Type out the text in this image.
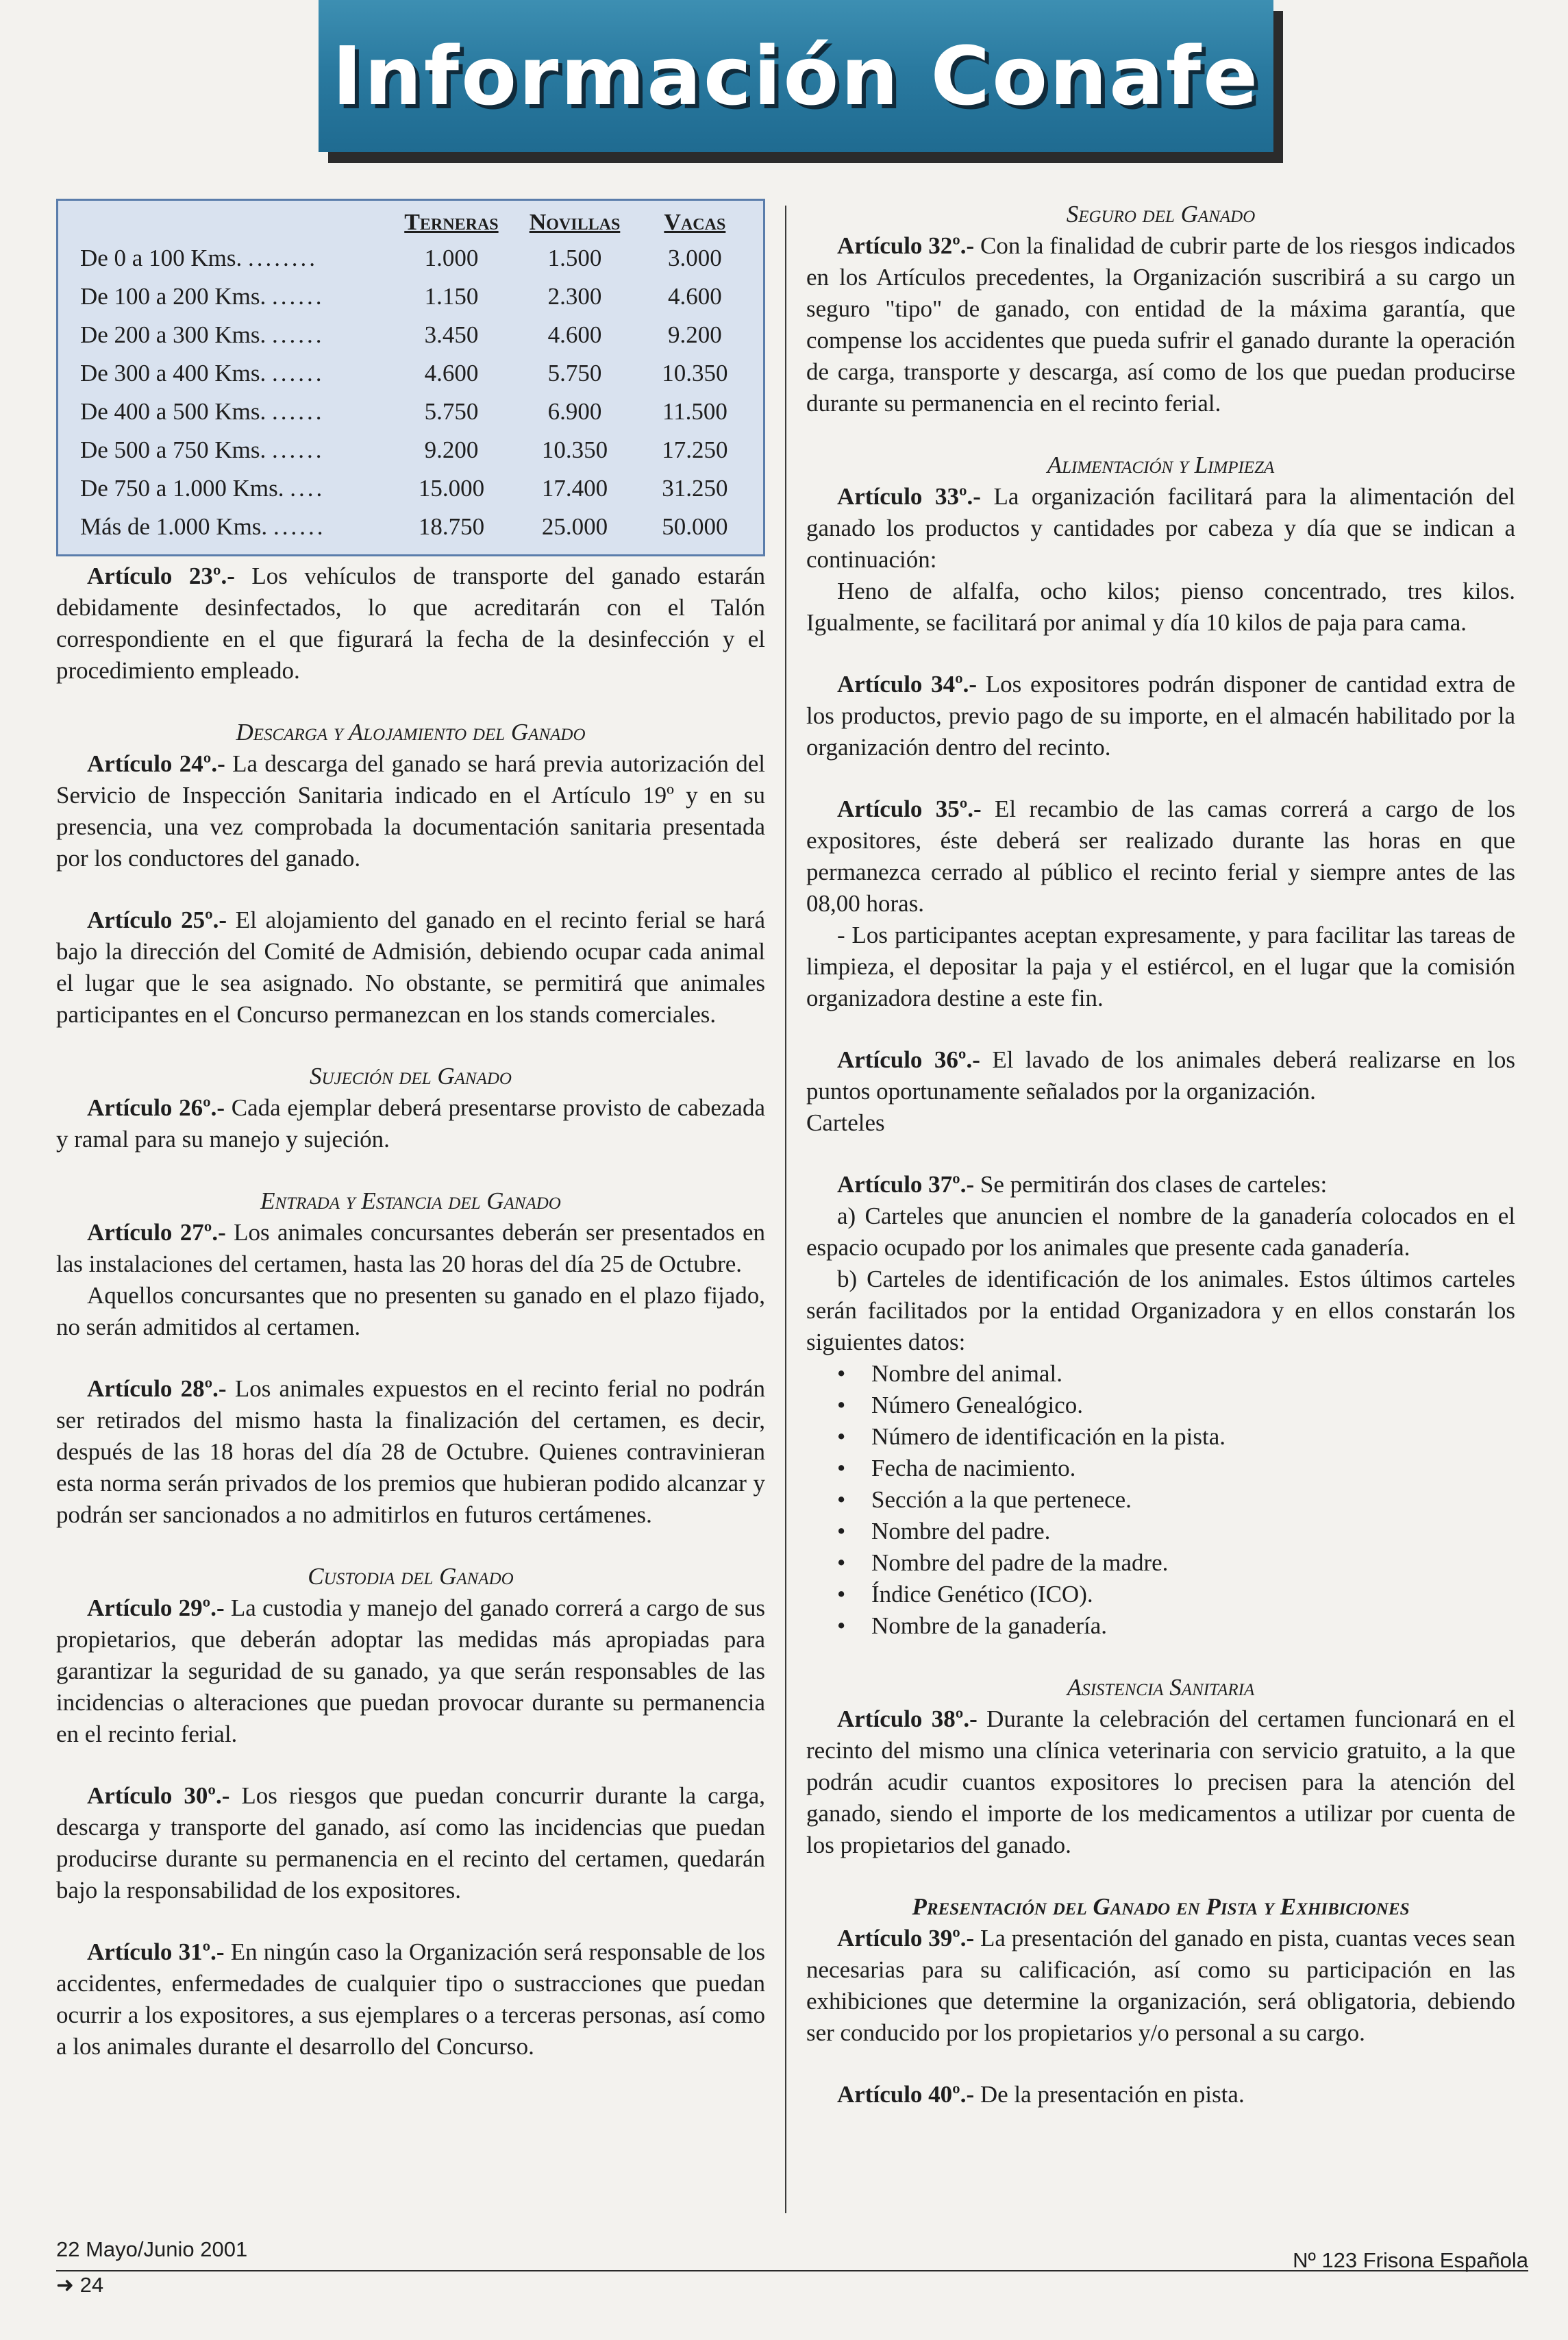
Información Conafe
	Terneras	Novillas	Vacas
De 0 a 100 Kms. ........	1.000	1.500	3.000
De 100 a 200 Kms. ......	1.150	2.300	4.600
De 200 a 300 Kms. ......	3.450	4.600	9.200
De 300 a 400 Kms. ......	4.600	5.750	10.350
De 400 a 500 Kms. ......	5.750	6.900	11.500
De 500 a 750 Kms. ......	9.200	10.350	17.250
De 750 a 1.000 Kms. ....	15.000	17.400	31.250
Más de 1.000 Kms. ......	18.750	25.000	50.000

Artículo 23º.- Los vehículos de transporte del ganado estarán debidamente desinfectados, lo que acreditarán con el Talón correspondiente en el que figurará la fecha de la desinfección y el procedimiento empleado.

Descarga y Alojamiento del Ganado

Artículo 24º.- La descarga del ganado se hará previa autorización del Servicio de Inspección Sanitaria indicado en el Artículo 19º y en su presencia, una vez comprobada la documentación sanitaria presentada por los conductores del ganado.

Artículo 25º.- El alojamiento del ganado en el recinto ferial se hará bajo la dirección del Comité de Admisión, debiendo ocupar cada animal el lugar que le sea asignado. No obstante, se permitirá que animales participantes en el Concurso permanezcan en los stands comerciales.

Sujeción del Ganado

Artículo 26º.- Cada ejemplar deberá presentarse provisto de cabezada y ramal para su manejo y sujeción.

Entrada y Estancia del Ganado

Artículo 27º.- Los animales concursantes deberán ser presentados en las instalaciones del certamen, hasta las 20 horas del día 25 de Octubre.

Aquellos concursantes que no presenten su ganado en el plazo fijado, no serán admitidos al certamen.

Artículo 28º.- Los animales expuestos en el recinto ferial no podrán ser retirados del mismo hasta la finalización del certamen, es decir, después de las 18 horas del día 28 de Octubre. Quienes contravinieran esta norma serán privados de los premios que hubieran podido alcanzar y podrán ser sancionados a no admitirlos en futuros certámenes.

Custodia del Ganado

Artículo 29º.- La custodia y manejo del ganado correrá a cargo de sus propietarios, que deberán adoptar las medidas más apropiadas para garantizar la seguridad de su ganado, ya que serán responsables de las incidencias o alteraciones que puedan provocar durante su permanencia en el recinto ferial.

Artículo 30º.- Los riesgos que puedan concurrir durante la carga, descarga y transporte del ganado, así como las incidencias que puedan producirse durante su permanencia en el recinto del certamen, quedarán bajo la responsabilidad de los expositores.

Artículo 31º.- En ningún caso la Organización será responsable de los accidentes, enfermedades de cualquier tipo o sustracciones que puedan ocurrir a los expositores, a sus ejemplares o a terceras personas, así como a los animales durante el desarrollo del Concurso.

Seguro del Ganado

Artículo 32º.- Con la finalidad de cubrir parte de los riesgos indicados en los Artículos precedentes, la Organización suscribirá a su cargo un seguro "tipo" de ganado, con entidad de la máxima garantía, que compense los accidentes que pueda sufrir el ganado durante la operación de carga, transporte y descarga, así como de los que puedan producirse durante su permanencia en el recinto ferial.

Alimentación y Limpieza

Artículo 33º.- La organización facilitará para la alimentación del ganado los productos y cantidades por cabeza y día que se indican a continuación:

Heno de alfalfa, ocho kilos; pienso concentrado, tres kilos. Igualmente, se facilitará por animal y día 10 kilos de paja para cama.

Artículo 34º.- Los expositores podrán disponer de cantidad extra de los productos, previo pago de su importe, en el almacén habilitado por la organización dentro del recinto.

Artículo 35º.- El recambio de las camas correrá a cargo de los expositores, éste deberá ser realizado durante las horas en que permanezca cerrado al público el recinto ferial y siempre antes de las 08,00 horas.

- Los participantes aceptan expresamente, y para facilitar las tareas de limpieza, el depositar la paja y el estiércol, en el lugar que la comisión organizadora destine a este fin.

Artículo 36º.- El lavado de los animales deberá realizarse en los puntos oportunamente señalados por la organización.

Carteles

Artículo 37º.- Se permitirán dos clases de carteles:

a) Carteles que anuncien el nombre de la ganadería colocados en el espacio ocupado por los animales que presente cada ganadería.

b) Carteles de identificación de los animales. Estos últimos carteles serán facilitados por la entidad Organizadora y en ellos constarán los siguientes datos:

• Nombre del animal.
• Número Genealógico.
• Número de identificación en la pista.
• Fecha de nacimiento.
• Sección a la que pertenece.
• Nombre del padre.
• Nombre del padre de la madre.
• Índice Genético (ICO).
• Nombre de la ganadería.
Asistencia Sanitaria

Artículo 38º.- Durante la celebración del certamen funcionará en el recinto del mismo una clínica veterinaria con servicio gratuito, a la que podrán acudir cuantos expositores lo precisen para la atención del ganado, siendo el importe de los medicamentos a utilizar por cuenta de los propietarios del ganado.

Presentación del Ganado en Pista y Exhibiciones

Artículo 39º.- La presentación del ganado en pista, cuantas veces sean necesarias para su calificación, así como su participación en las exhibiciones que determine la organización, será obligatoria, debiendo ser conducido por los propietarios y/o personal a su cargo.

Artículo 40º.- De la presentación en pista.

22 Mayo/Junio 2001
➜ 24
Nº 123 Frisona Española
